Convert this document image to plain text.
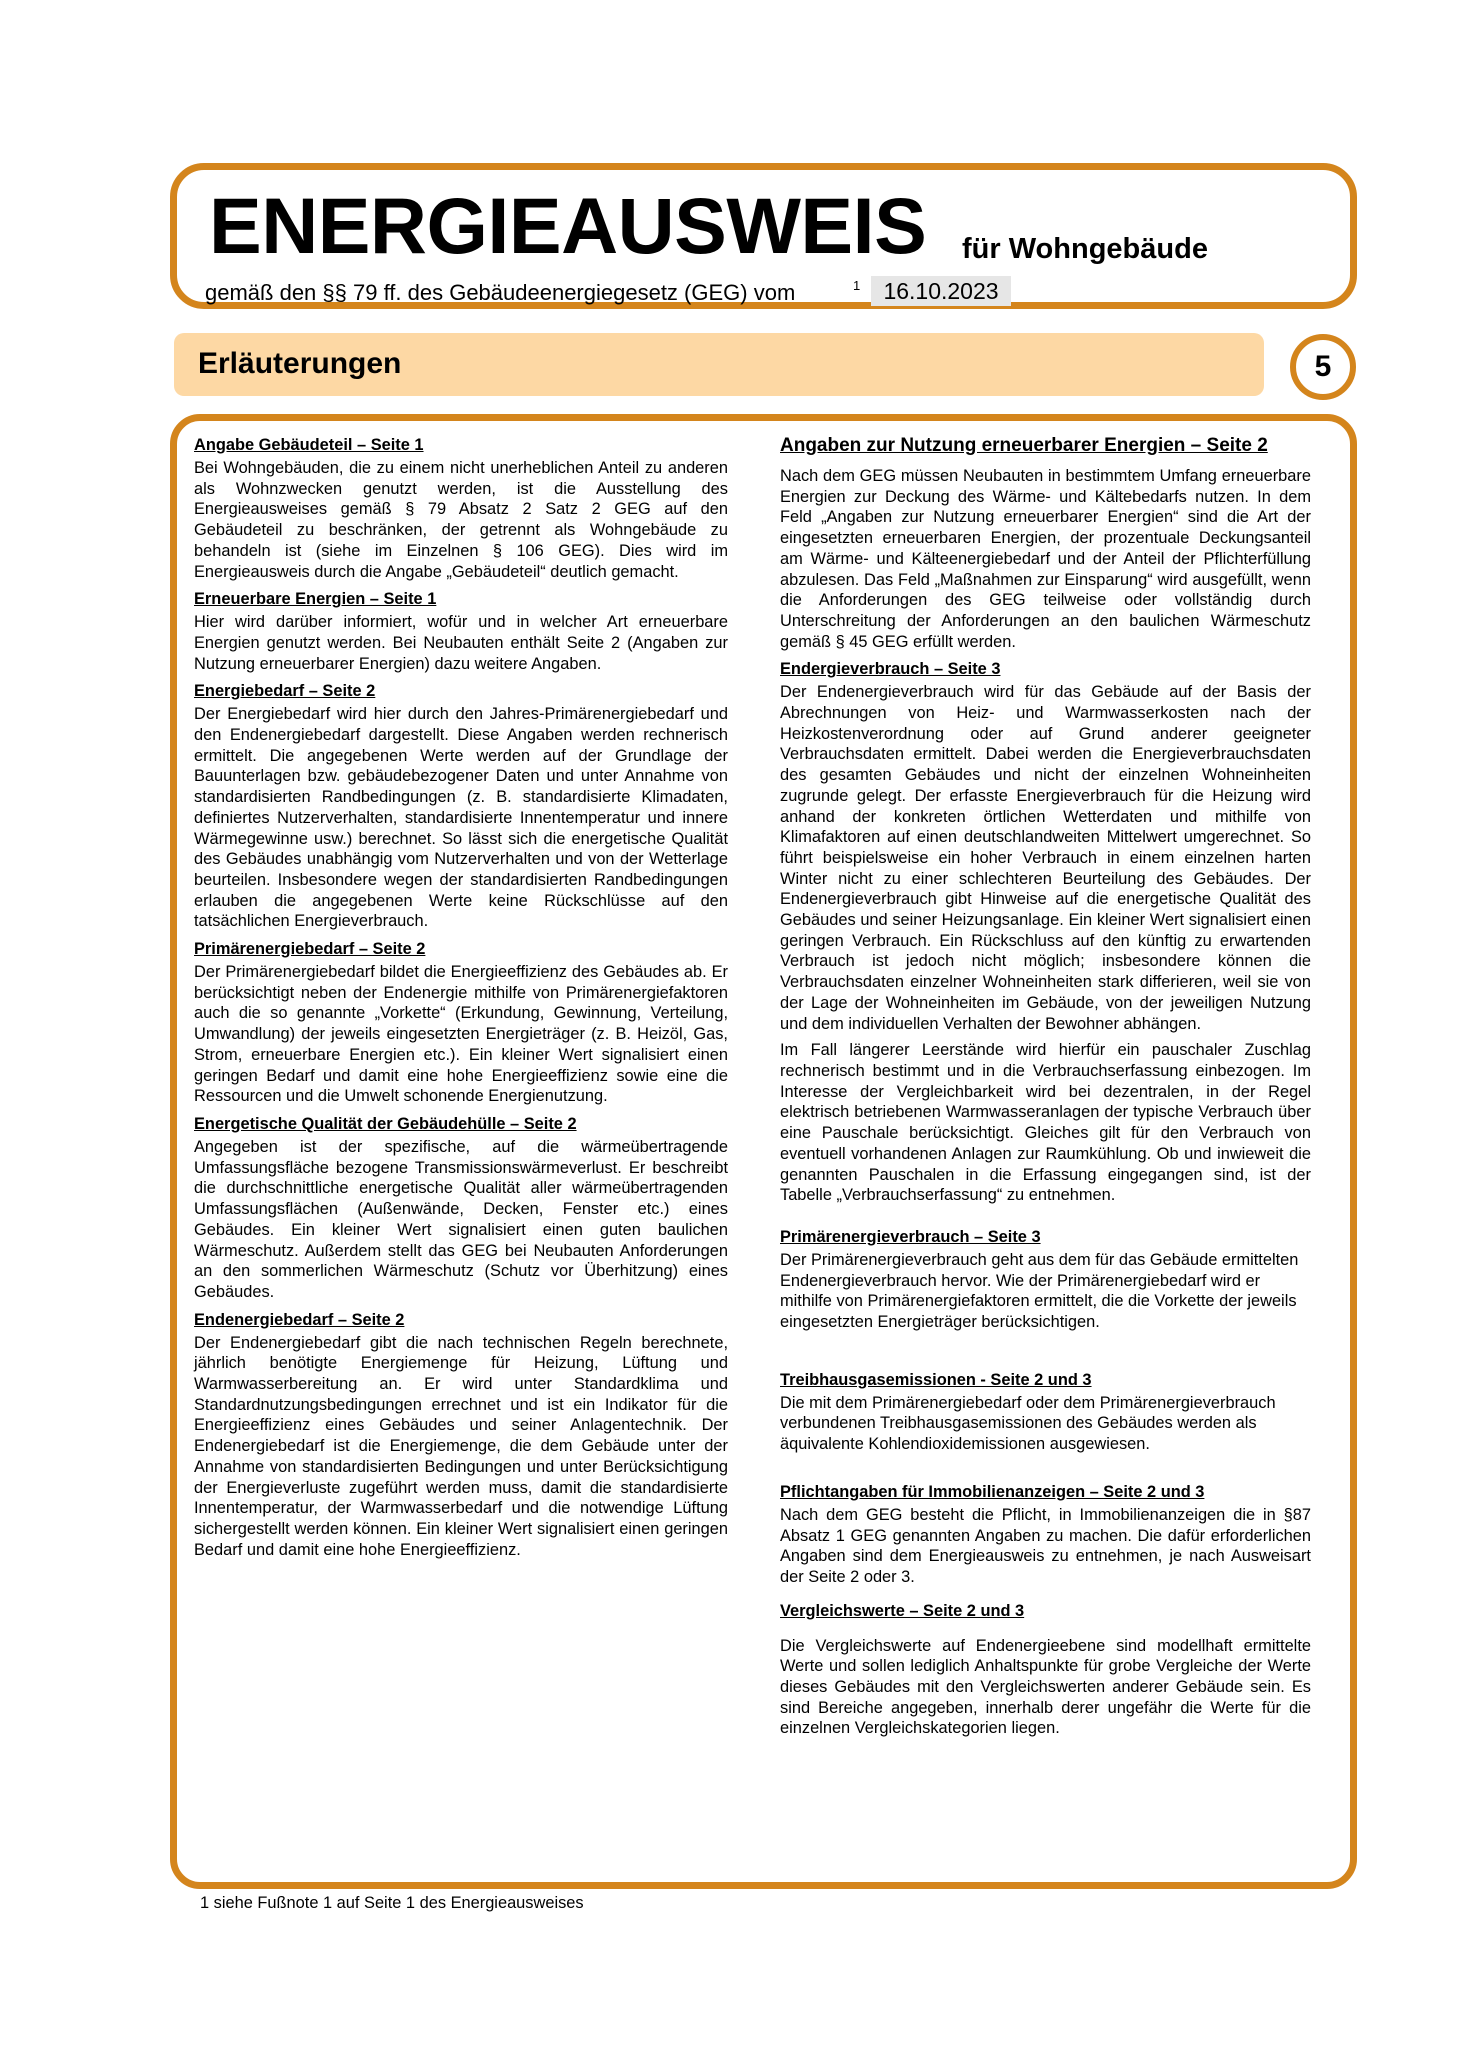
ENERGIEAUSWEIS für Wohngebäude
gemäß den §§ 79 ff. des Gebäudeenergiegesetz (GEG) vom	1	16.10.2023
Erläuterungen	5
Angabe Gebäudeteil – Seite 1

Bei Wohngebäuden, die zu einem nicht unerheblichen Anteil zu anderen als Wohnzwecken genutzt werden, ist die Ausstellung des Energieausweises gemäß § 79 Absatz 2 Satz 2 GEG auf den Gebäudeteil zu beschränken, der getrennt als Wohngebäude zu behandeln ist (siehe im Einzelnen § 106 GEG). Dies wird im Energieausweis durch die Angabe „Gebäudeteil“ deutlich gemacht.

Erneuerbare Energien – Seite 1

Hier wird darüber informiert, wofür und in welcher Art erneuerbare Energien genutzt werden. Bei Neubauten enthält Seite 2 (Angaben zur Nutzung erneuerbarer Energien) dazu weitere Angaben.

Energiebedarf – Seite 2

Der Energiebedarf wird hier durch den Jahres-Primärenergiebedarf und den Endenergiebedarf dargestellt. Diese Angaben werden rechnerisch ermittelt. Die angegebenen Werte werden auf der Grundlage der Bauunterlagen bzw. gebäudebezogener Daten und unter Annahme von standardisierten Randbedingungen (z. B. standardisierte Klimadaten, definiertes Nutzerverhalten, standardisierte Innentemperatur und innere Wärmegewinne usw.) berechnet. So lässt sich die energetische Qualität des Gebäudes unabhängig vom Nutzerverhalten und von der Wetterlage beurteilen. Insbesondere wegen der standardisierten Randbedingungen erlauben die angegebenen Werte keine Rückschlüsse auf den tatsächlichen Energieverbrauch.

Primärenergiebedarf – Seite 2

Der Primärenergiebedarf bildet die Energieeffizienz des Gebäudes ab. Er berücksichtigt neben der Endenergie mithilfe von Primärenergiefaktoren auch die so genannte „Vorkette“ (Erkundung, Gewinnung, Verteilung, Umwandlung) der jeweils eingesetzten Energieträger (z. B. Heizöl, Gas, Strom, erneuerbare Energien etc.). Ein kleiner Wert signalisiert einen geringen Bedarf und damit eine hohe Energieeffizienz sowie eine die Ressourcen und die Umwelt schonende Energienutzung.

Energetische Qualität der Gebäudehülle – Seite 2

Angegeben ist der spezifische, auf die wärmeübertragende Umfassungsfläche bezogene Transmissionswärmeverlust. Er beschreibt die durchschnittliche energetische Qualität aller wärmeübertragenden Umfassungsflächen (Außenwände, Decken, Fenster etc.) eines Gebäudes. Ein kleiner Wert signalisiert einen guten baulichen Wärmeschutz. Außerdem stellt das GEG bei Neubauten Anforderungen an den sommerlichen Wärmeschutz (Schutz vor Überhitzung) eines Gebäudes.

Endenergiebedarf – Seite 2

Der Endenergiebedarf gibt die nach technischen Regeln berechnete, jährlich benötigte Energiemenge für Heizung, Lüftung und Warmwasserbereitung an. Er wird unter Standardklima und Standardnutzungsbedingungen errechnet und ist ein Indikator für die Energieeffizienz eines Gebäudes und seiner Anlagentechnik. Der Endenergiebedarf ist die Energiemenge, die dem Gebäude unter der Annahme von standardisierten Bedingungen und unter Berücksichtigung der Energieverluste zugeführt werden muss, damit die standardisierte Innentemperatur, der Warmwasserbedarf und die notwendige Lüftung sichergestellt werden können. Ein kleiner Wert signalisiert einen geringen Bedarf und damit eine hohe Energieeffizienz.

Angaben zur Nutzung erneuerbarer Energien – Seite 2

Nach dem GEG müssen Neubauten in bestimmtem Umfang erneuerbare Energien zur Deckung des Wärme- und Kältebedarfs nutzen. In dem Feld „Angaben zur Nutzung erneuerbarer Energien“ sind die Art der eingesetzten erneuerbaren Energien, der prozentuale Deckungsanteil am Wärme- und Kälteenergiebedarf und der Anteil der Pflichterfüllung abzulesen. Das Feld „Maßnahmen zur Einsparung“ wird ausgefüllt, wenn die Anforderungen des GEG teilweise oder vollständig durch Unterschreitung der Anforderungen an den baulichen Wärmeschutz gemäß § 45 GEG erfüllt werden.

Endergieverbrauch – Seite 3

Der Endenergieverbrauch wird für das Gebäude auf der Basis der Abrechnungen von Heiz- und Warmwasserkosten nach der Heizkostenverordnung oder auf Grund anderer geeigneter Verbrauchsdaten ermittelt. Dabei werden die Energieverbrauchsdaten des gesamten Gebäudes und nicht der einzelnen Wohneinheiten zugrunde gelegt. Der erfasste Energieverbrauch für die Heizung wird anhand der konkreten örtlichen Wetterdaten und mithilfe von Klimafaktoren auf einen deutschlandweiten Mittelwert umgerechnet. So führt beispielsweise ein hoher Verbrauch in einem einzelnen harten Winter nicht zu einer schlechteren Beurteilung des Gebäudes. Der Endenergieverbrauch gibt Hinweise auf die energetische Qualität des Gebäudes und seiner Heizungsanlage. Ein kleiner Wert signalisiert einen geringen Verbrauch. Ein Rückschluss auf den künftig zu erwartenden Verbrauch ist jedoch nicht möglich; insbesondere können die Verbrauchsdaten einzelner Wohneinheiten stark differieren, weil sie von der Lage der Wohneinheiten im Gebäude, von der jeweiligen Nutzung und dem individuellen Verhalten der Bewohner abhängen.

Im Fall längerer Leerstände wird hierfür ein pauschaler Zuschlag rechnerisch bestimmt und in die Verbrauchserfassung einbezogen. Im Interesse der Vergleichbarkeit wird bei dezentralen, in der Regel elektrisch betriebenen Warmwasseranlagen der typische Verbrauch über eine Pauschale berücksichtigt. Gleiches gilt für den Verbrauch von eventuell vorhandenen Anlagen zur Raumkühlung. Ob und inwieweit die genannten Pauschalen in die Erfassung eingegangen sind, ist der Tabelle „Verbrauchserfassung“ zu entnehmen.

Primärenergieverbrauch – Seite 3

Der Primärenergieverbrauch geht aus dem für das Gebäude ermittelten Endenergieverbrauch hervor. Wie der Primärenergiebedarf wird er mithilfe von Primärenergiefaktoren ermittelt, die die Vorkette der jeweils eingesetzten Energieträger berücksichtigen.

Treibhausgasemissionen - Seite 2 und 3

Die mit dem Primärenergiebedarf oder dem Primärenergieverbrauch verbundenen Treibhausgasemissionen des Gebäudes werden als äquivalente Kohlendioxidemissionen ausgewiesen.

Pflichtangaben für Immobilienanzeigen – Seite 2 und 3

Nach dem GEG besteht die Pflicht, in Immobilienanzeigen die in §87 Absatz 1 GEG genannten Angaben zu machen. Die dafür erforderlichen Angaben sind dem Energieausweis zu entnehmen, je nach Ausweisart der Seite 2 oder 3.

Vergleichswerte – Seite 2 und 3

Die Vergleichswerte auf Endenergieebene sind modellhaft ermittelte Werte und sollen lediglich Anhaltspunkte für grobe Vergleiche der Werte dieses Gebäudes mit den Vergleichswerten anderer Gebäude sein. Es sind Bereiche angegeben, innerhalb derer ungefähr die Werte für die einzelnen Vergleichskategorien liegen.

1 siehe Fußnote 1 auf Seite 1 des Energieausweises
